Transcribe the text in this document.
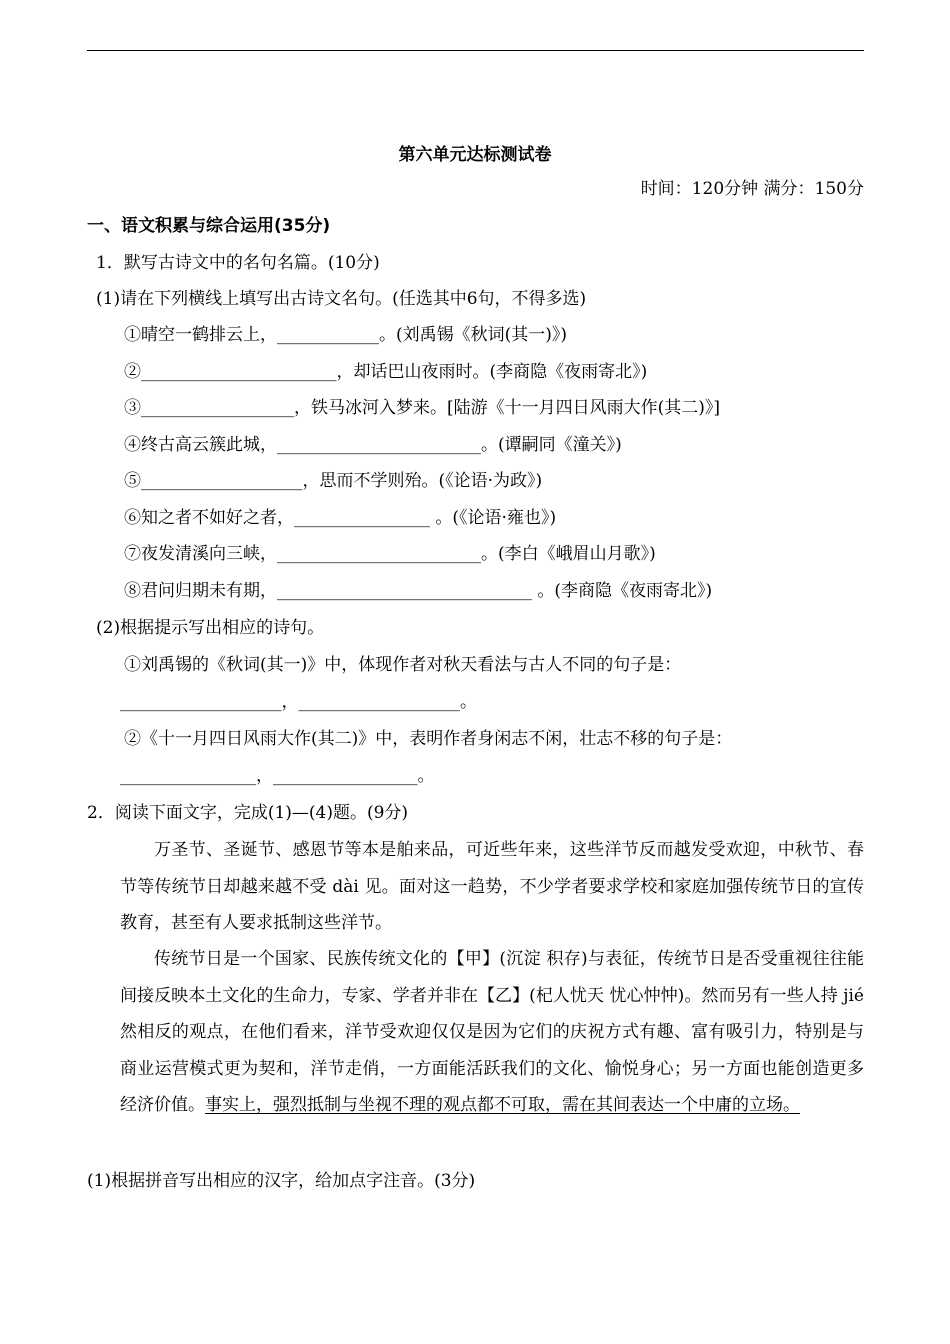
第六单元达标测试卷
时间：120分钟 满分：150分
一、语文积累与综合运用(35分)
1．默写古诗文中的名句名篇。(10分)
(1)请在下列横线上填写出古诗文名句。(任选其中6句，不得多选)
①晴空一鹤排云上，____________。(刘禹锡《秋词(其一)》)
②_______________________，却话巴山夜雨时。(李商隐《夜雨寄北》)
③__________________，铁马冰河入梦来。[陆游《十一月四日风雨大作(其二)》]
④终古高云簇此城，________________________。(谭嗣同《潼关》)
⑤___________________，思而不学则殆。(《论语·为政》)
⑥知之者不如好之者，________________ 。(《论语·雍也》)
⑦夜发清溪向三峡，________________________。(李白《峨眉山月歌》)
⑧君问归期未有期，______________________________ 。(李商隐《夜雨寄北》)
(2)根据提示写出相应的诗句。
①刘禹锡的《秋词(其一)》中，体现作者对秋天看法与古人不同的句子是：
___________________，___________________。
②《十一月四日风雨大作(其二)》中，表明作者身闲志不闲，壮志不移的句子是：
________________，_________________。
2．阅读下面文字，完成(1)—(4)题。(9分)
万圣节、圣诞节、感恩节等本是舶来品，可近些年来，这些洋节反而越发受欢迎，中秋节、春节等传统节日却越来越不受 dài 见。面对这一趋势，不少学者要求学校和家庭加强传统节日的宣传教育，甚至有人要求抵制这些洋节。
传统节日是一个国家、民族传统文化的【甲】(沉淀 积存)与表征，传统节日是否受重视往往能间接反映本土文化的生命力，专家、学者并非在【乙】(杞人忧天 忧心忡忡)。然而另有一些人持 jié 然相反的观点，在他们看来，洋节受欢迎仅仅是因为它们的庆祝方式有趣、富有吸引力，特别是与商业运营模式更为契和，洋节走俏，一方面能活跃我们的文化、愉悦身心；另一方面也能创造更多经济价值。事实上，强烈抵制与坐视不理的观点都不可取，需在其间表达一个中庸的立场。
(1)根据拼音写出相应的汉字，给加点字注音。(3分)
